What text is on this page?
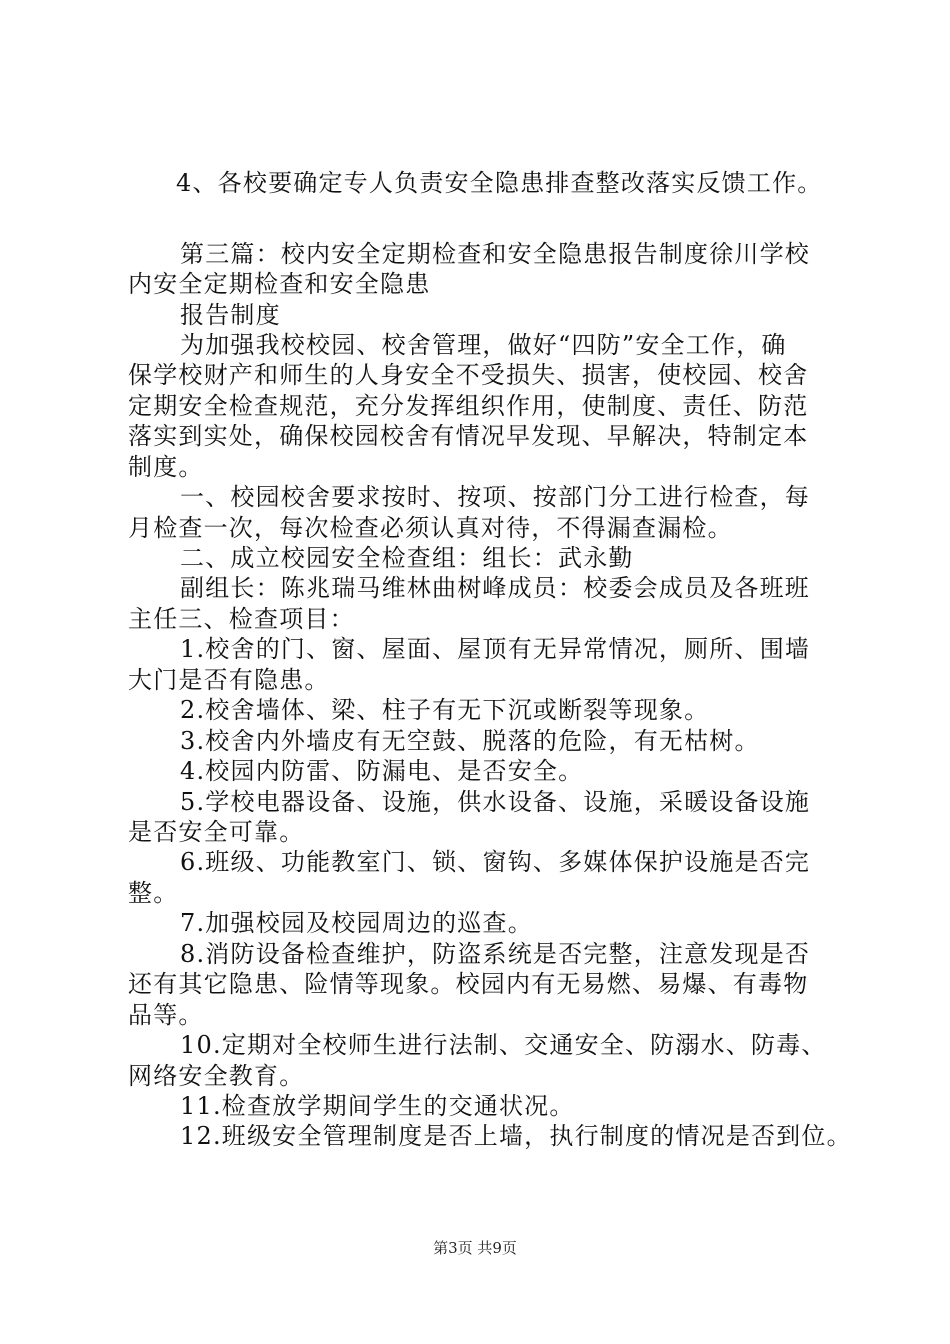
4、各校要确定专人负责安全隐患排查整改落实反馈工作。
第三篇：校内安全定期检查和安全隐患报告制度徐川学校
内安全定期检查和安全隐患
报告制度
为加强我校校园、校舍管理，做好“四防”安全工作，确
保学校财产和师生的人身安全不受损失、损害，使校园、校舍
定期安全检查规范，充分发挥组织作用，使制度、责任、防范
落实到实处，确保校园校舍有情况早发现、早解决，特制定本
制度。
一、校园校舍要求按时、按项、按部门分工进行检查，每
月检查一次，每次检查必须认真对待，不得漏查漏检。
二、成立校园安全检查组：组长：武永勤
副组长：陈兆瑞马维林曲树峰成员：校委会成员及各班班
主任三、检查项目：
1.校舍的门、窗、屋面、屋顶有无异常情况，厕所、围墙
大门是否有隐患。
2.校舍墙体、梁、柱子有无下沉或断裂等现象。
3.校舍内外墙皮有无空鼓、脱落的危险，有无枯树。
4.校园内防雷、防漏电、是否安全。
5.学校电器设备、设施，供水设备、设施，采暖设备设施
是否安全可靠。
6.班级、功能教室门、锁、窗钩、多媒体保护设施是否完
整。
7.加强校园及校园周边的巡查。
8.消防设备检查维护，防盗系统是否完整，注意发现是否
还有其它隐患、险情等现象。校园内有无易燃、易爆、有毒物
品等。
10.定期对全校师生进行法制、交通安全、防溺水、防毒、
网络安全教育。
11.检查放学期间学生的交通状况。
12.班级安全管理制度是否上墙，执行制度的情况是否到位。
第3页 共9页
